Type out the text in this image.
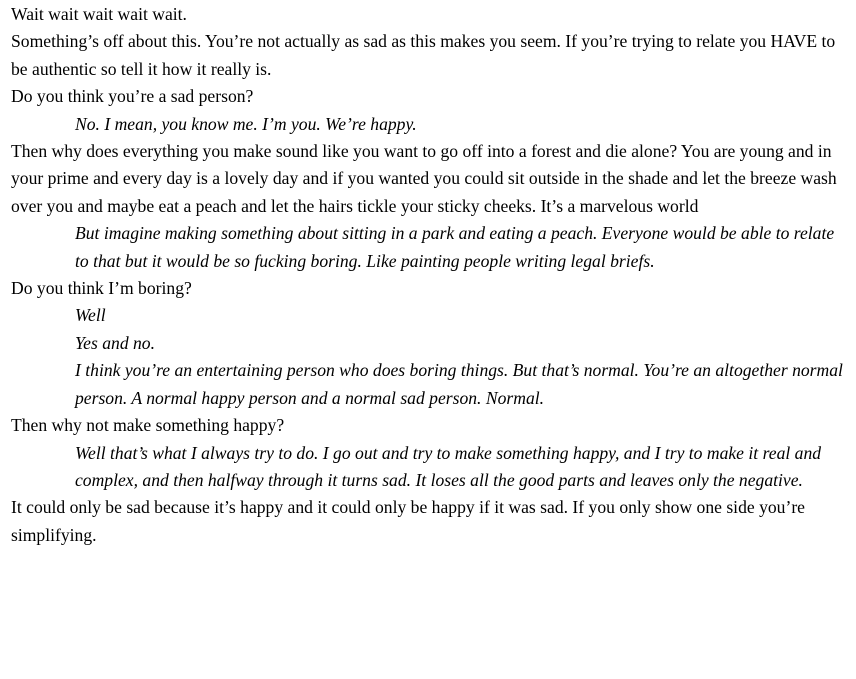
Wait wait wait wait wait.

Something’s off about this. You’re not actually as sad as this makes you seem. If you’re trying to relate you HAVE to be authentic so tell it how it really is.

Do you think you’re a sad person?

No. I mean, you know me. I’m you. We’re happy.

Then why does everything you make sound like you want to go off into a forest and die alone? You are young and in your prime and every day is a lovely day and if you wanted you could sit outside in the shade and let the breeze wash over you and maybe eat a peach and let the hairs tickle your sticky cheeks. It’s a marvelous world

But imagine making something about sitting in a park and eating a peach. Everyone would be able to relate to that but it would be so fucking boring. Like painting people writing legal briefs.

Do you think I’m boring?

Well

Yes and no.

I think you’re an entertaining person who does boring things. But that’s normal. You’re an altogether normal person. A normal happy person and a normal sad person. Normal.

Then why not make something happy?

Well that’s what I always try to do. I go out and try to make something happy, and I try to make it real and complex, and then halfway through it turns sad. It loses all the good parts and leaves only the negative.

It could only be sad because it’s happy and it could only be happy if it was sad. If you only show one side you’re simplifying.
